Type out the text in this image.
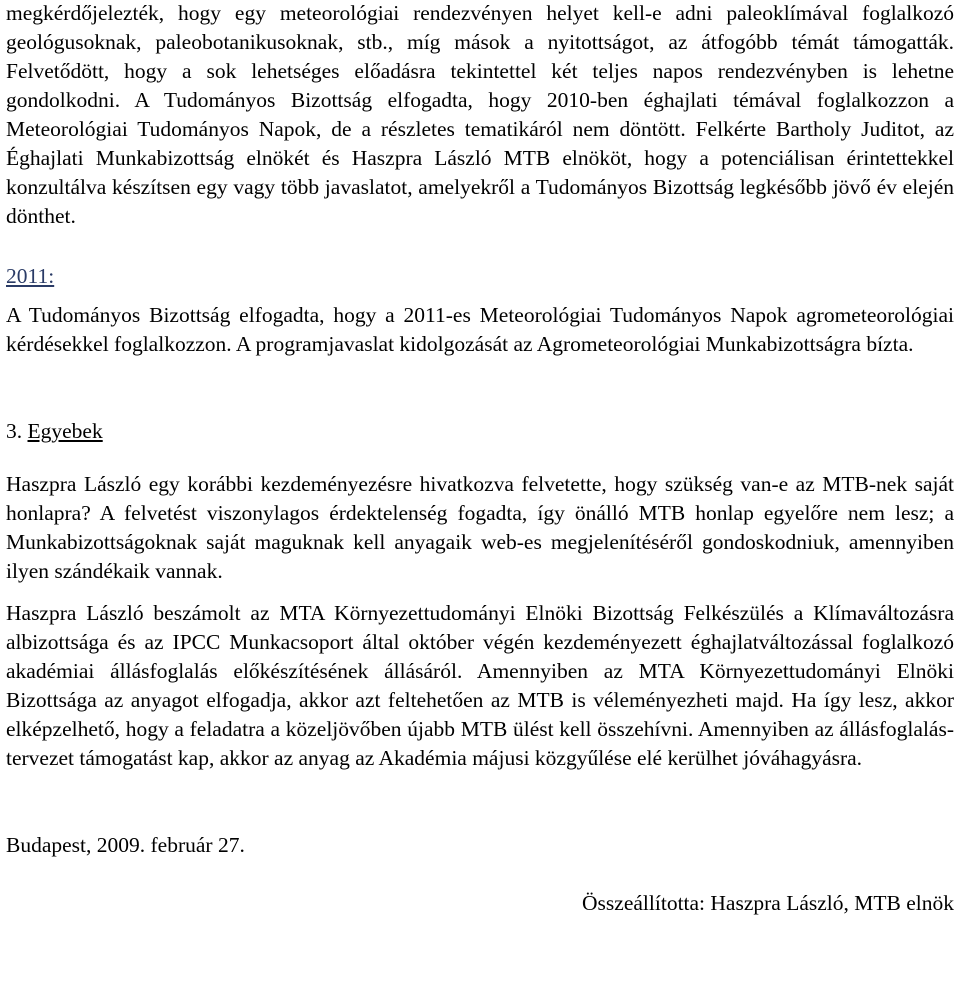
megkérdőjelezték, hogy egy meteorológiai rendezvényen helyet kell-e adni paleoklímával foglalkozó geológusoknak, paleobotanikusoknak, stb., míg mások a nyitottságot, az átfogóbb témát támogatták. Felvetődött, hogy a sok lehetséges előadásra tekintettel két teljes napos rendezvényben is lehetne gondolkodni. A Tudományos Bizottság elfogadta, hogy 2010-ben éghajlati témával foglalkozzon a Meteorológiai Tudományos Napok, de a részletes tematikáról nem döntött. Felkérte Bartholy Juditot, az Éghajlati Munkabizottság elnökét és Haszpra László MTB elnököt, hogy a potenciálisan érintettekkel konzultálva készítsen egy vagy több javaslatot, amelyekről a Tudományos Bizottság legkésőbb jövő év elején dönthet.

2011:

A Tudományos Bizottság elfogadta, hogy a 2011-es Meteorológiai Tudományos Napok agrometeorológiai kérdésekkel foglalkozzon. A programjavaslat kidolgozását az Agrometeorológiai Munkabizottságra bízta.

3. Egyebek

Haszpra László egy korábbi kezdeményezésre hivatkozva felvetette, hogy szükség van-e az MTB-nek saját honlapra? A felvetést viszonylagos érdektelenség fogadta, így önálló MTB honlap egyelőre nem lesz; a Munkabizottságoknak saját maguknak kell anyagaik web-es megjelenítéséről gondoskodniuk, amennyiben ilyen szándékaik vannak.

Haszpra László beszámolt az MTA Környezettudományi Elnöki Bizottság Felkészülés a Klímaváltozásra albizottsága és az IPCC Munkacsoport által október végén kezdeményezett éghajlatváltozással foglalkozó akadémiai állásfoglalás előkészítésének állásáról. Amennyiben az MTA Környezettudományi Elnöki Bizottsága az anyagot elfogadja, akkor azt feltehetően az MTB is véleményezheti majd. Ha így lesz, akkor elképzelhető, hogy a feladatra a közeljövőben újabb MTB ülést kell összehívni. Amennyiben az állásfoglalás-tervezet támogatást kap, akkor az anyag az Akadémia májusi közgyűlése elé kerülhet jóváhagyásra.

Budapest, 2009. február 27.

Összeállította: Haszpra László, MTB elnök
